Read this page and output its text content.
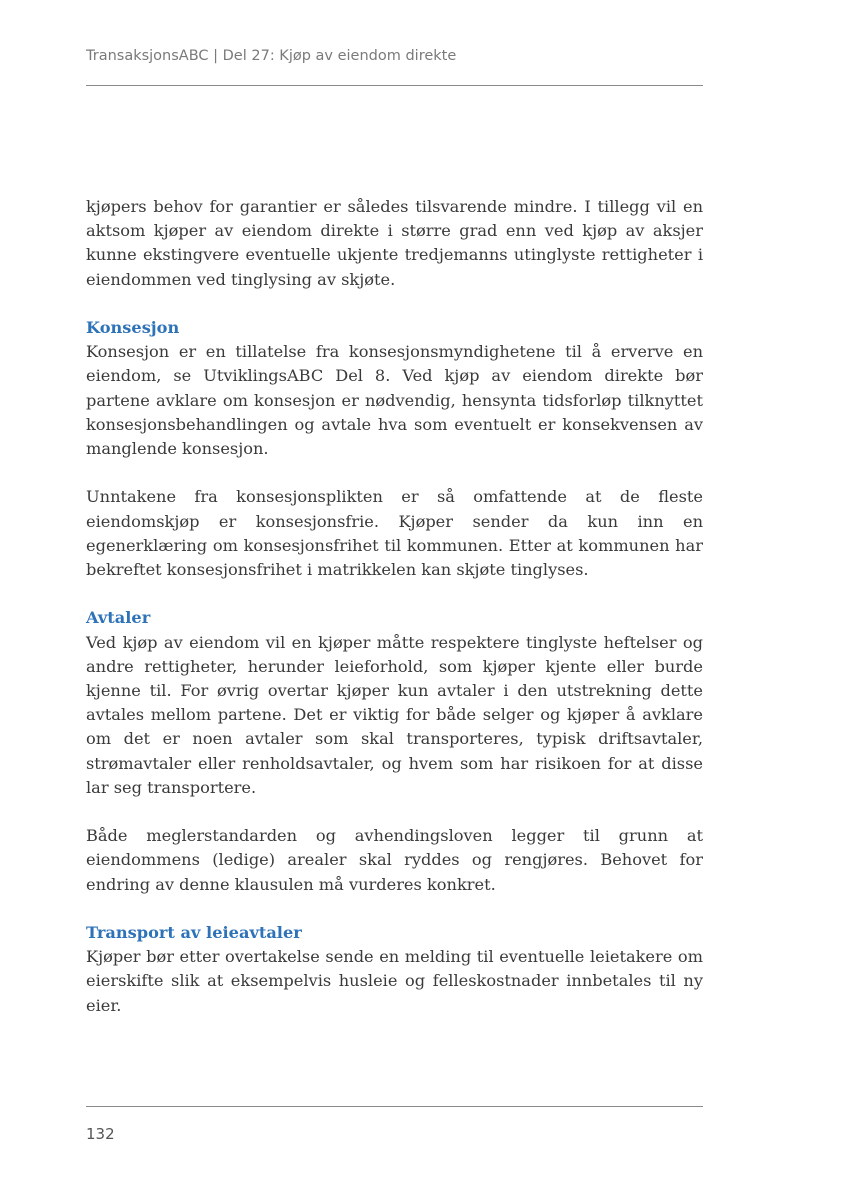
TransaksjonsABC | Del 27: Kjøp av eiendom direkte

kjøpers behov for garantier er således tilsvarende mindre. I tillegg vil en aktsom kjøper av eiendom direkte i større grad enn ved kjøp av aksjer kunne ekstingvere eventuelle ukjente tredjemanns utinglyste rettigheter i eiendommen ved tinglysing av skjøte.

Konsesjon

Konsesjon er en tillatelse fra konsesjonsmyndighetene til å erverve en eiendom, se UtviklingsABC Del 8. Ved kjøp av eiendom direkte bør partene avklare om konsesjon er nødvendig, hensynta tidsforløp tilknyttet konsesjonsbehandlingen og avtale hva som eventuelt er konsekvensen av manglende konsesjon.

Unntakene fra konsesjonsplikten er så omfattende at de fleste eiendomskjøp er konsesjonsfrie. Kjøper sender da kun inn en egenerklæring om konsesjonsfrihet til kommunen. Etter at kommunen har bekreftet konsesjonsfrihet i matrikkelen kan skjøte tinglyses.

Avtaler

Ved kjøp av eiendom vil en kjøper måtte respektere tinglyste heftelser og andre rettigheter, herunder leieforhold, som kjøper kjente eller burde kjenne til. For øvrig overtar kjøper kun avtaler i den utstrekning dette avtales mellom partene. Det er viktig for både selger og kjøper å avklare om det er noen avtaler som skal transporteres, typisk driftsavtaler, strømavtaler eller renholdsavtaler, og hvem som har risikoen for at disse lar seg transportere.

Både meglerstandarden og avhendingsloven legger til grunn at eiendommens (ledige) arealer skal ryddes og rengjøres. Behovet for endring av denne klausulen må vurderes konkret.

Transport av leieavtaler

Kjøper bør etter overtakelse sende en melding til eventuelle leietakere om eierskifte slik at eksempelvis husleie og felleskostnader innbetales til ny eier.

132
